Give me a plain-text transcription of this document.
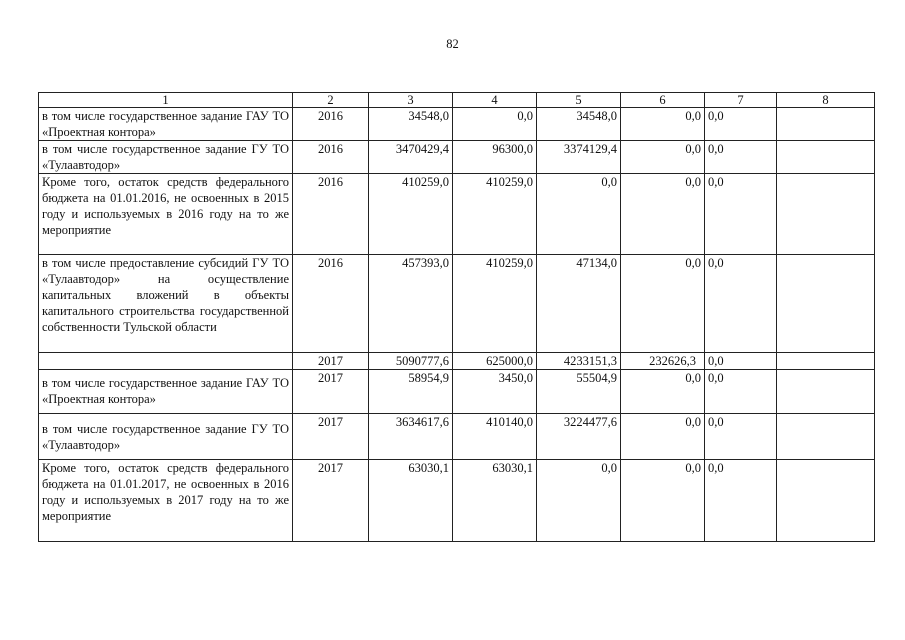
82
1	2	3	4	5	6	7	8
в том числе государственное задание ГАУ ТО «Проектная контора»	2016	34548,0	0,0	34548,0	0,0	0,0	
в том числе государственное задание ГУ ТО «Тулаавтодор»	2016	3470429,4	96300,0	3374129,4	0,0	0,0	
Кроме того, остаток средств федерального бюджета на 01.01.2016, не освоенных в 2015 году и используемых в 2016 году на то же мероприятие	2016	410259,0	410259,0	0,0	0,0	0,0	
в том числе предоставление субсидий ГУ ТО «Тулаавтодор» на осуществление капитальных вложений в объекты капитального строительства государственной собственности Тульской области	2016	457393,0	410259,0	47134,0	0,0	0,0	
	2017	5090777,6	625000,0	4233151,3	232626,3	0,0	
в том числе государственное задание ГАУ ТО «Проектная контора»	2017	58954,9	3450,0	55504,9	0,0	0,0	
в том числе государственное задание ГУ ТО «Тулаавтодор»	2017	3634617,6	410140,0	3224477,6	0,0	0,0	
Кроме того, остаток средств федерального бюджета на 01.01.2017, не освоенных в 2016 году и используемых в 2017 году на то же мероприятие	2017	63030,1	63030,1	0,0	0,0	0,0	
